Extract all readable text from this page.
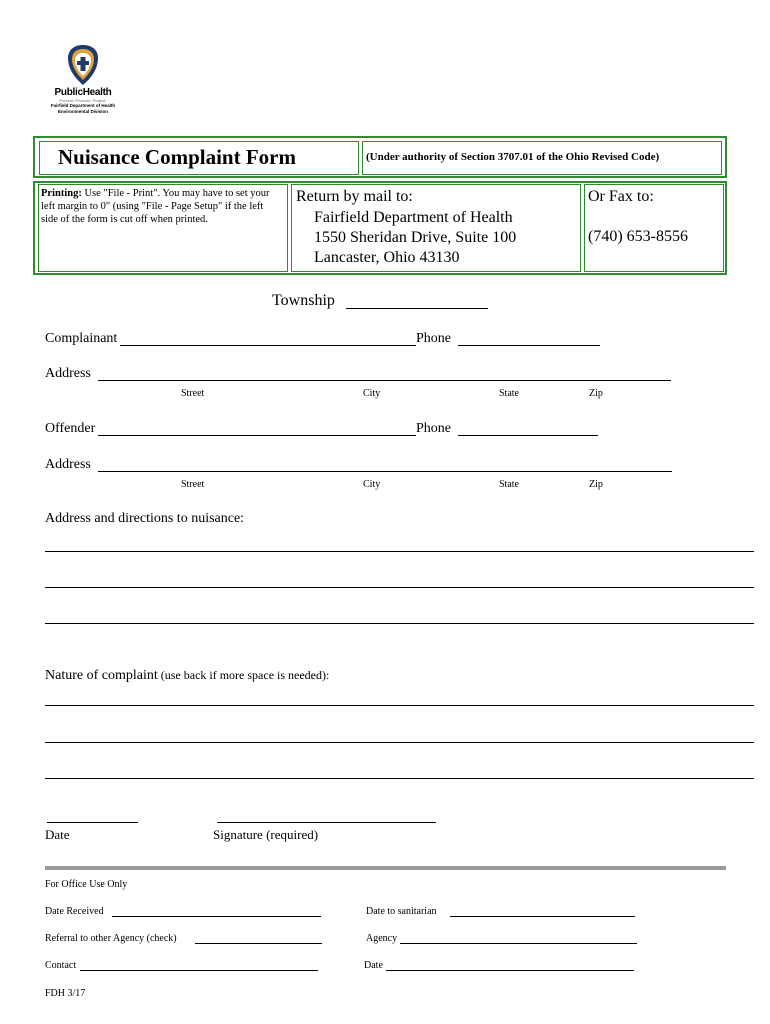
PublicHealth
Prevent. Promote. Protect.
Fairfield Department of Health
Environmental Division
Nuisance Complaint Form	(Under authority of Section 3707.01 of the Ohio Revised Code)
Printing: Use "File - Print". You may have to set your left margin to 0" (using "File - Page Setup" if the left side of the form is cut off when printed.
Return by mail to:
Fairfield Department of Health
1550 Sheridan Drive, Suite 100
Lancaster, Ohio 43130
Or Fax to:
(740) 653-8556
Township
Complainant	Phone
Address
Street	City	State	Zip
Offender	Phone
Address
Street	City	State	Zip
Address and directions to nuisance:
Nature of complaint (use back if more space is needed):
Date	Signature (required)
For Office Use Only
Date Received	Date to sanitarian
Referral to other Agency (check)	Agency
Contact	Date
FDH 3/17
